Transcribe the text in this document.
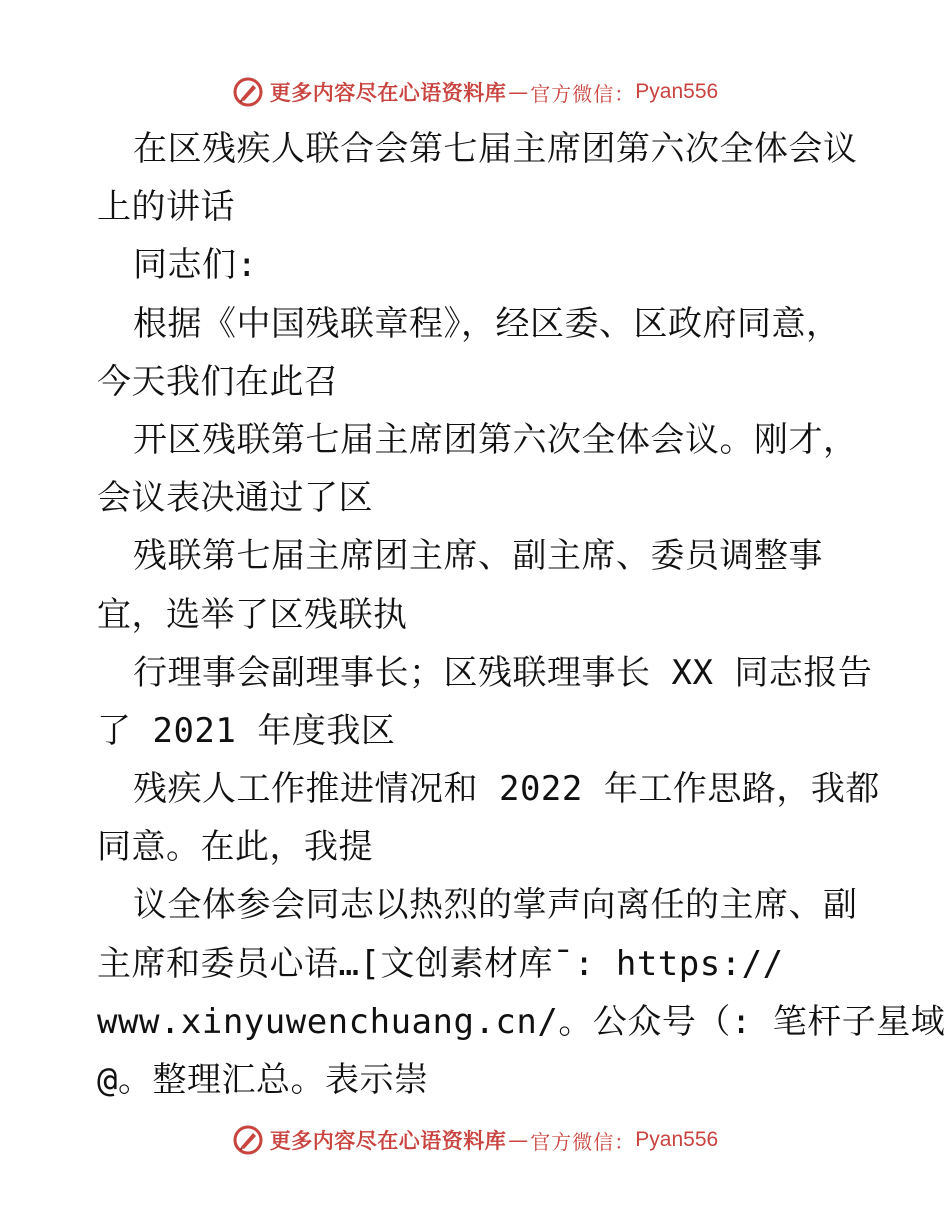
更多内容尽在心语资料库 — 官方微信： Pyan556
在区残疾人联合会第七届主席团第六次全体会议
上的讲话
同志们:
根据《中国残联章程》，经区委、区政府同意，
今天我们在此召
开区残联第七届主席团第六次全体会议。刚才，
会议表决通过了区
残联第七届主席团主席、副主席、委员调整事
宜，选举了区残联执
行理事会副理事长；区残联理事长 XX 同志报告
了 2021 年度我区
残疾人工作推进情况和 2022 年工作思路，我都
同意。在此，我提
议全体参会同志以热烈的掌声向离任的主席、副
主席和委员心语…[文创素材库¯: https://
www.xinyuwenchuang.cn/。公众号（: 笔杆子星域
@。整理汇总。表示崇
更多内容尽在心语资料库 — 官方微信： Pyan556
